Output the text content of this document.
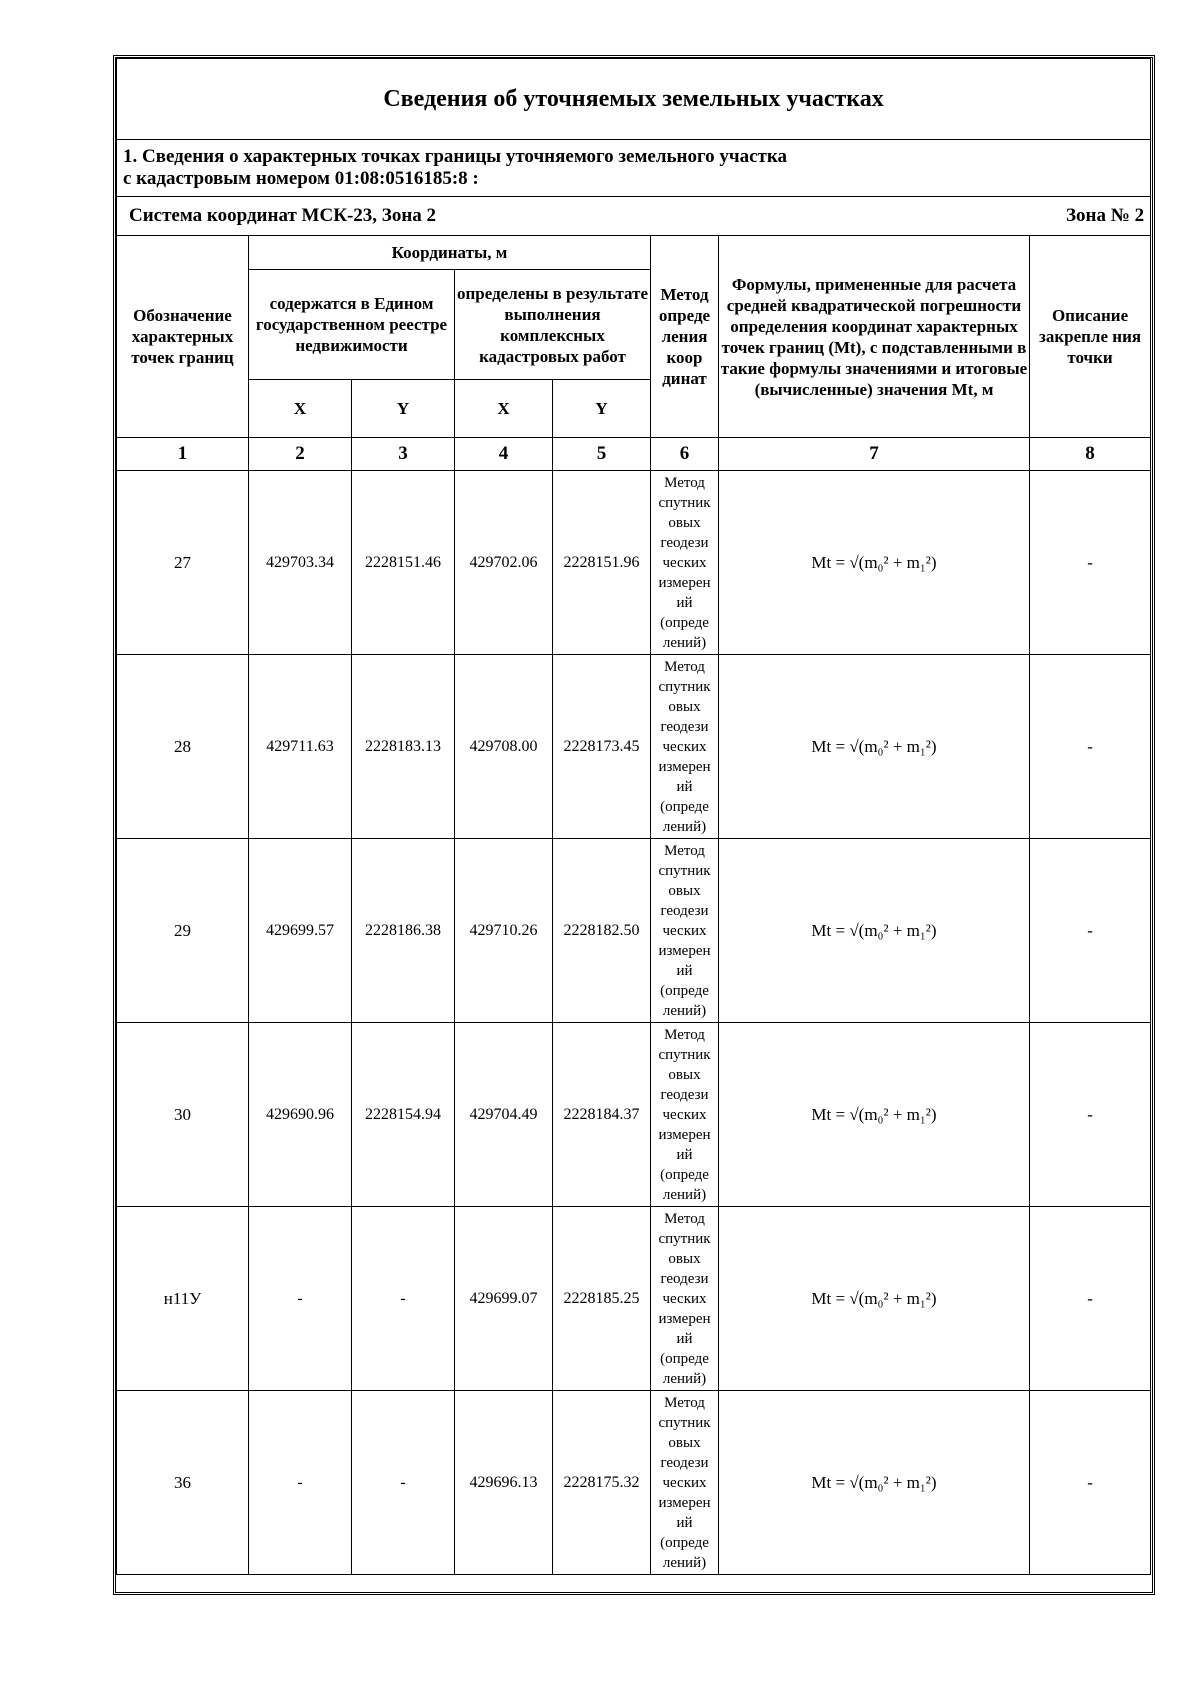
Сведения об уточняемых земельных участках							

1. Сведения о характерных точках границы уточняемого земельного участка
с кадастровым номером 01:08:0516185:8 :							

Система координат МСК-23, Зона 2 Зона № 2							

Обозначение характерных точек границ	Координаты, м				Метод опреде ления коор динат	Формулы, примененные для расчета средней квадратической погрешности определения координат характерных точек границ (Mt), с подставленными в такие формулы значениями и итоговые (вычисленные) значения Mt, м	Описание закрепле ния точки
	содержатся в Едином государственном реестре недвижимости		определены в результате выполнения комплексных кадастровых работ				
	X	Y	X	Y			
1	2	3	4	5	6	7	8
27	429703.34	2228151.46	429702.06	2228151.96	Метод спутник овых геодези ческих измерен ий (опреде лений)	Mt = √(m₀² + m₁²)	-
28	429711.63	2228183.13	429708.00	2228173.45	Метод спутник овых геодези ческих измерен ий (опреде лений)	Mt = √(m₀² + m₁²)	-
29	429699.57	2228186.38	429710.26	2228182.50	Метод спутник овых геодези ческих измерен ий (опреде лений)	Mt = √(m₀² + m₁²)	-
30	429690.96	2228154.94	429704.49	2228184.37	Метод спутник овых геодези ческих измерен ий (опреде лений)	Mt = √(m₀² + m₁²)	-
н11У	-	-	429699.07	2228185.25	Метод спутник овых геодези ческих измерен ий (опреде лений)	Mt = √(m₀² + m₁²)	-
36	-	-	429696.13	2228175.32	Метод спутник овых геодези ческих измерен ий (опреде лений)	Mt = √(m₀² + m₁²)	-
